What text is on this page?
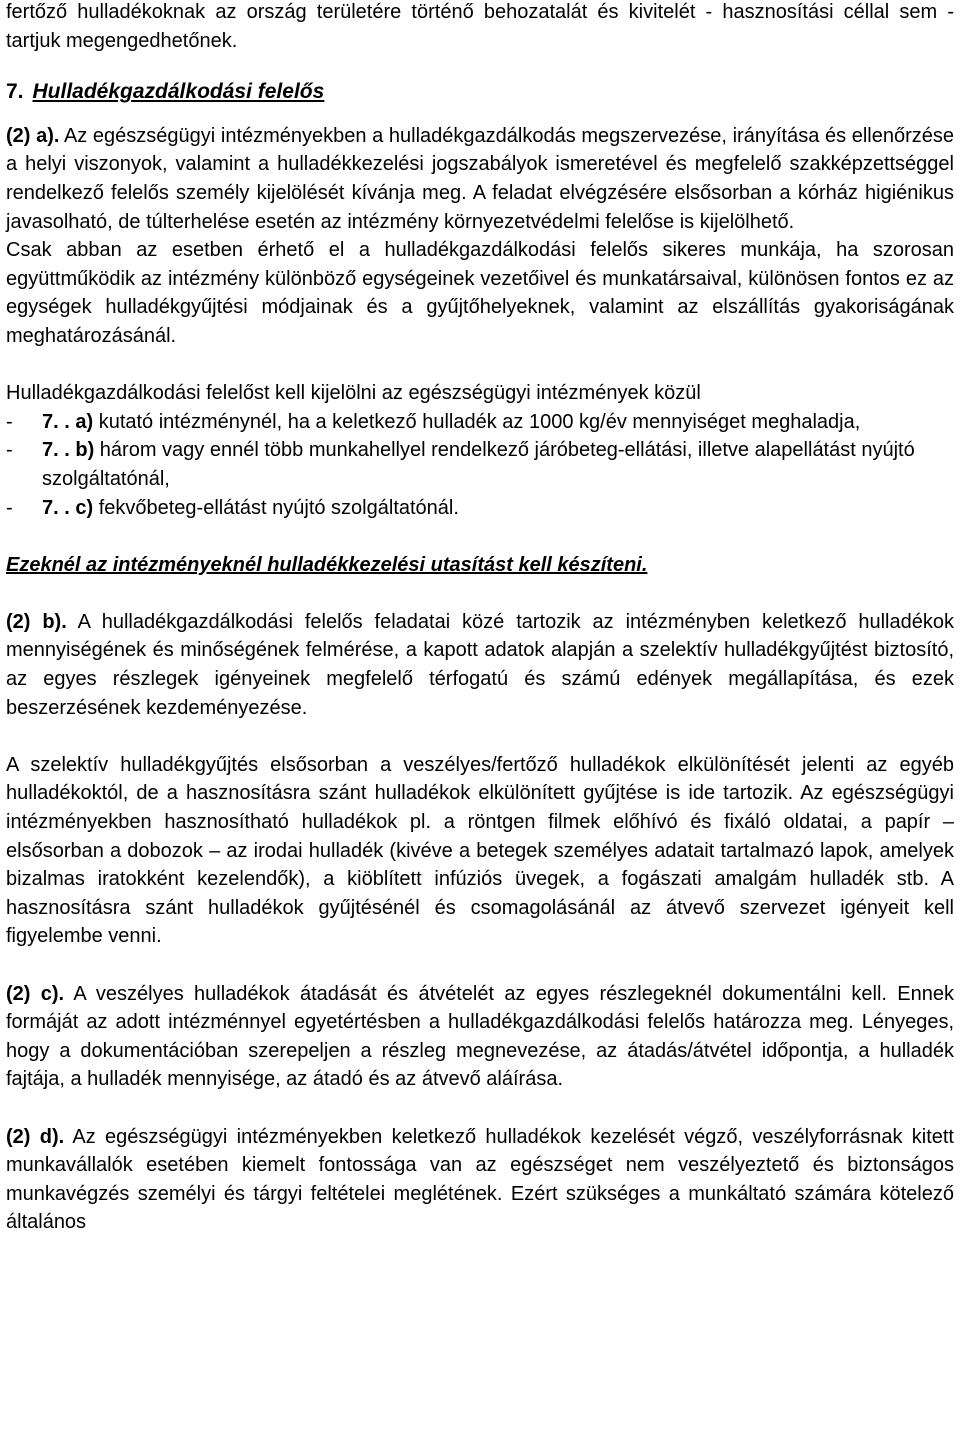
fertőző hulladékoknak az ország területére történő behozatalát és kivitelét - hasznosítási céllal sem - tartjuk megengedhetőnek.

7. Hulladékgazdálkodási felelős

(2) a). Az egészségügyi intézményekben a hulladékgazdálkodás megszervezése, irányítása és ellenőrzése a helyi viszonyok, valamint a hulladékkezelési jogszabályok ismeretével és megfelelő szakképzettséggel rendelkező felelős személy kijelölését kívánja meg. A feladat elvégzésére elsősorban a kórház higiénikus javasolható, de túlterhelése esetén az intézmény környezetvédelmi felelőse is kijelölhető.

Csak abban az esetben érhető el a hulladékgazdálkodási felelős sikeres munkája, ha szorosan együttműködik az intézmény különböző egységeinek vezetőivel és munkatársaival, különösen fontos ez az egységek hulladékgyűjtési módjainak és a gyűjtőhelyeknek, valamint az elszállítás gyakoriságának meghatározásánál.

Hulladékgazdálkodási felelőst kell kijelölni az egészségügyi intézmények közül

-	7. . a) kutató intézménynél, ha a keletkező hulladék az 1000 kg/év mennyiséget meghaladja,
-	7. . b) három vagy ennél több munkahellyel rendelkező járóbeteg-ellátási, illetve alapellátást nyújtó szolgáltatónál,
-	7. . c) fekvőbeteg-ellátást nyújtó szolgáltatónál.

Ezeknél az intézményeknél hulladékkezelési utasítást kell készíteni.

(2) b). A hulladékgazdálkodási felelős feladatai közé tartozik az intézményben keletkező hulladékok mennyiségének és minőségének felmérése, a kapott adatok alapján a szelektív hulladékgyűjtést biztosító, az egyes részlegek igényeinek megfelelő térfogatú és számú edények megállapítása, és ezek beszerzésének kezdeményezése.

A szelektív hulladékgyűjtés elsősorban a veszélyes/fertőző hulladékok elkülönítését jelenti az egyéb hulladékoktól, de a hasznosításra szánt hulladékok elkülönített gyűjtése is ide tartozik. Az egészségügyi intézményekben hasznosítható hulladékok pl. a röntgen filmek előhívó és fixáló oldatai, a papír – elsősorban a dobozok – az irodai hulladék (kivéve a betegek személyes adatait tartalmazó lapok, amelyek bizalmas iratokként kezelendők), a kiöblített infúziós üvegek, a fogászati amalgám hulladék stb. A hasznosításra szánt hulladékok gyűjtésénél és csomagolásánál az átvevő szervezet igényeit kell figyelembe venni.

(2) c). A veszélyes hulladékok átadását és átvételét az egyes részlegeknél dokumentálni kell. Ennek formáját az adott intézménnyel egyetértésben a hulladékgazdálkodási felelős határozza meg. Lényeges, hogy a dokumentációban szerepeljen a részleg megnevezése, az átadás/átvétel időpontja, a hulladék fajtája, a hulladék mennyisége, az átadó és az átvevő aláírása.

(2) d). Az egészségügyi intézményekben keletkező hulladékok kezelését végző, veszélyforrásnak kitett munkavállalók esetében kiemelt fontossága van az egészséget nem veszélyeztető és biztonságos munkavégzés személyi és tárgyi feltételei meglétének. Ezért szükséges a munkáltató számára kötelező általános
